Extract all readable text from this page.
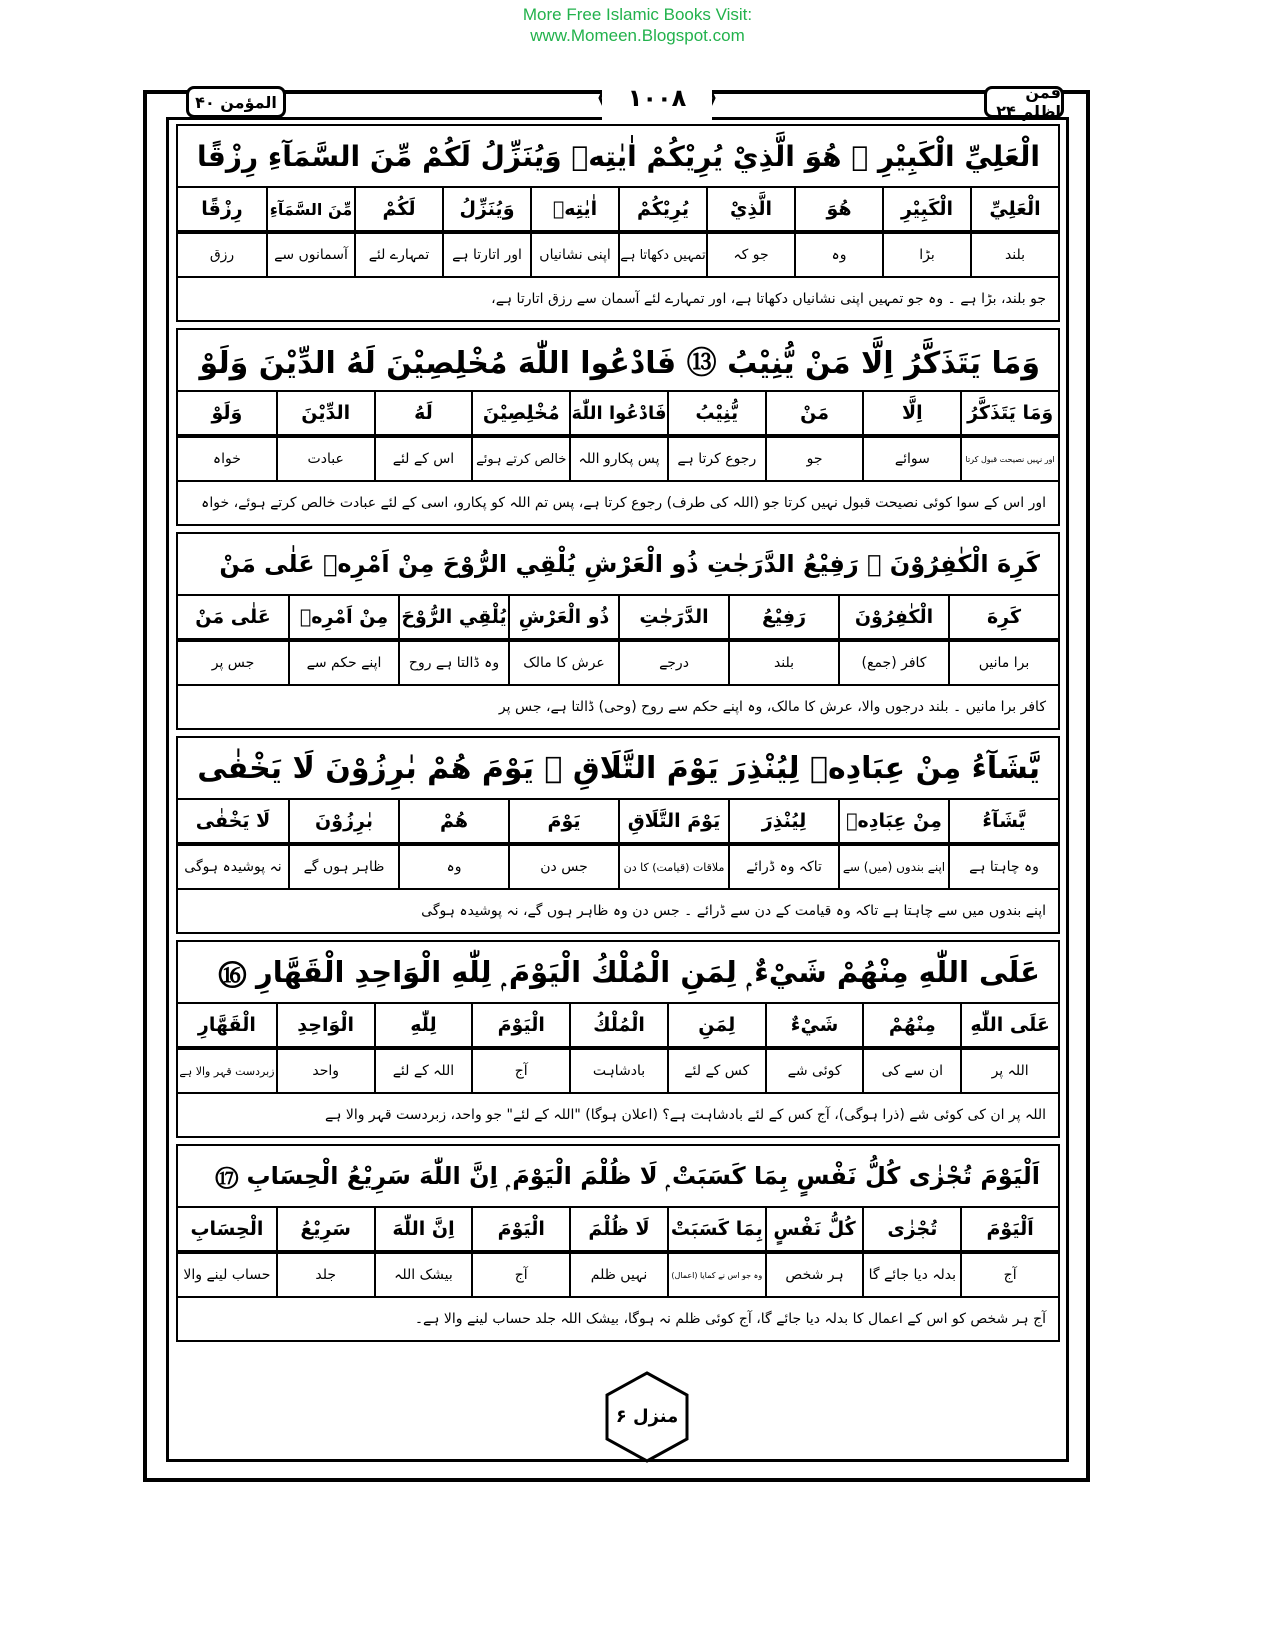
More Free Islamic Books Visit:
www.Momeen.Blogspot.com
المؤمن ۴۰	فمن اظلم ۲۴
۱۰۰۸
الْعَلِيِّ الْكَبِيْرِ ⑫ هُوَ الَّذِيْ يُرِيْكُمْ اٰيٰتِهٖ وَيُنَزِّلُ لَكُمْ مِّنَ السَّمَآءِ رِزْقًا
الْعَلِيِّ
الْكَبِيْرِ
هُوَ
الَّذِيْ
يُرِيْكُمْ
اٰيٰتِهٖ
وَيُنَزِّلُ
لَكُمْ
مِّنَ السَّمَآءِ
رِزْقًا
بلند
بڑا
وہ
جو کہ
تمہیں دکھاتا ہے
اپنی نشانیاں
اور اتارتا ہے
تمہارے لئے
آسمانوں سے
رزق
جو بلند، بڑا ہے ۔ وہ جو تمہیں اپنی نشانیاں دکھاتا ہے، اور تمہارے لئے آسمان سے رزق اتارتا ہے،
وَمَا يَتَذَكَّرُ اِلَّا مَنْ يُّنِيْبُ ⑬ فَادْعُوا اللّٰهَ مُخْلِصِيْنَ لَهُ الدِّيْنَ وَلَوْ
وَمَا يَتَذَكَّرُ
اِلَّا
مَنْ
يُّنِيْبُ
فَادْعُوا اللّٰهَ
مُخْلِصِيْنَ
لَهُ
الدِّيْنَ
وَلَوْ
اور نہیں نصیحت قبول کرتا
سوائے
جو
رجوع کرتا ہے
پس پکارو اللہ
خالص کرتے ہوئے
اس کے لئے
عبادت
خواہ
اور اس کے سوا کوئی نصیحت قبول نہیں کرتا جو (اللہ کی طرف) رجوع کرتا ہے، پس تم اللہ کو پکارو، اسی کے لئے عبادت خالص کرتے ہوئے، خواہ
كَرِهَ الْكٰفِرُوْنَ ⑭ رَفِيْعُ الدَّرَجٰتِ ذُو الْعَرْشِ يُلْقِي الرُّوْحَ مِنْ اَمْرِهٖ عَلٰى مَنْ
كَرِهَ
الْكٰفِرُوْنَ
رَفِيْعُ
الدَّرَجٰتِ
ذُو الْعَرْشِ
يُلْقِي الرُّوْحَ
مِنْ اَمْرِهٖ
عَلٰى مَنْ
برا مانیں
کافر (جمع)
بلند
درجے
عرش کا مالک
وہ ڈالتا ہے روح
اپنے حکم سے
جس پر
کافر برا مانیں ۔ بلند درجوں والا، عرش کا مالک، وہ اپنے حکم سے روح (وحی) ڈالتا ہے، جس پر
يَّشَآءُ مِنْ عِبَادِهٖ لِيُنْذِرَ يَوْمَ التَّلَاقِ ⑮ يَوْمَ هُمْ بٰرِزُوْنَ لَا يَخْفٰى
يَّشَآءُ
مِنْ عِبَادِهٖ
لِيُنْذِرَ
يَوْمَ التَّلَاقِ
يَوْمَ
هُمْ
بٰرِزُوْنَ
لَا يَخْفٰى
وہ چاہتا ہے
اپنے بندوں (میں) سے
تاکہ وہ ڈرائے
ملاقات (قیامت) کا دن
جس دن
وہ
ظاہر ہوں گے
نہ پوشیدہ ہوگی
اپنے بندوں میں سے چاہتا ہے تاکہ وہ قیامت کے دن سے ڈرائے ۔ جس دن وہ ظاہر ہوں گے، نہ پوشیدہ ہوگی
عَلَى اللّٰهِ مِنْهُمْ شَيْءٌ ۭ لِمَنِ الْمُلْكُ الْيَوْمَ ۭ لِلّٰهِ الْوَاحِدِ الْقَهَّارِ ⑯
عَلَى اللّٰهِ
مِنْهُمْ
شَيْءٌ
لِمَنِ
الْمُلْكُ
الْيَوْمَ
لِلّٰهِ
الْوَاحِدِ
الْقَهَّارِ
اللہ پر
ان سے کی
کوئی شے
کس کے لئے
بادشاہت
آج
اللہ کے لئے
واحد
زبردست قہر والا ہے
اللہ پر ان کی کوئی شے (ذرا ہوگی)، آج کس کے لئے بادشاہت ہے؟ (اعلان ہوگا) "اللہ کے لئے" جو واحد، زبردست قہر والا ہے
اَلْيَوْمَ تُجْزٰى كُلُّ نَفْسٍ بِمَا كَسَبَتْ ۭ لَا ظُلْمَ الْيَوْمَ ۭ اِنَّ اللّٰهَ سَرِيْعُ الْحِسَابِ ⑰
اَلْيَوْمَ
تُجْزٰى
كُلُّ نَفْسٍ
بِمَا كَسَبَتْ
لَا ظُلْمَ
الْيَوْمَ
اِنَّ اللّٰهَ
سَرِيْعُ
الْحِسَابِ
آج
بدلہ دیا جائے گا
ہر شخص
وہ جو اس نے کمایا (اعمال)
نہیں ظلم
آج
بیشک اللہ
جلد
حساب لینے والا
آج ہر شخص کو اس کے اعمال کا بدلہ دیا جائے گا، آج کوئی ظلم نہ ہوگا، بیشک اللہ جلد حساب لینے والا ہے۔
منزل ۶
